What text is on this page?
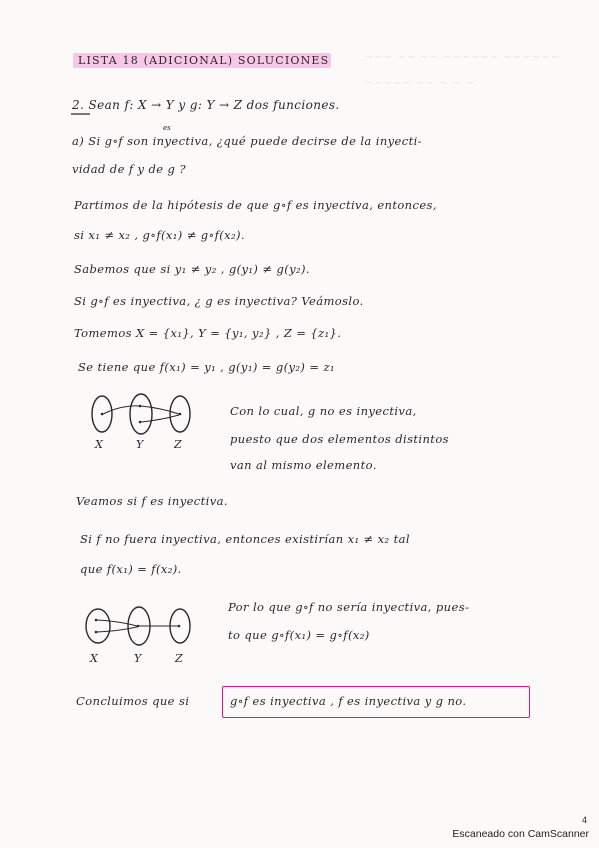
~~~ ~~ ~~ ~~~~~~ ~~~~~~
~~~~~ ~~ ~ ~ ~
LISTA 18 (ADICIONAL) SOLUCIONES
2. Sean f: X → Y y g: Y → Z dos funciones.
es
a) Si g∘f son inyectiva, ¿qué puede decirse de la inyecti-
vidad de f y de g ?
Partimos de la hipótesis de que g∘f es inyectiva, entonces,
si x₁ ≠ x₂ , g∘f(x₁) ≠ g∘f(x₂).
Sabemos que si y₁ ≠ y₂ , g(y₁) ≠ g(y₂).
Si g∘f es inyectiva, ¿ g es inyectiva? Veámoslo.
Tomemos X = {x₁}, Y = {y₁, y₂} , Z = {z₁}.
Se tiene que f(x₁) = y₁ , g(y₁) = g(y₂) = z₁
X	Y	Z
Con lo cual, g no es inyectiva,
puesto que dos elementos distintos
van al mismo elemento.
Veamos si f es inyectiva.
Si f no fuera inyectiva, entonces existirían x₁ ≠ x₂ tal
que f(x₁) = f(x₂).
X	Y	Z
Por lo que g∘f no sería inyectiva, pues-
to que g∘f(x₁) = g∘f(x₂)
Concluimos que si	g∘f es inyectiva , f es inyectiva y g no.
4
Escaneado con CamScanner
